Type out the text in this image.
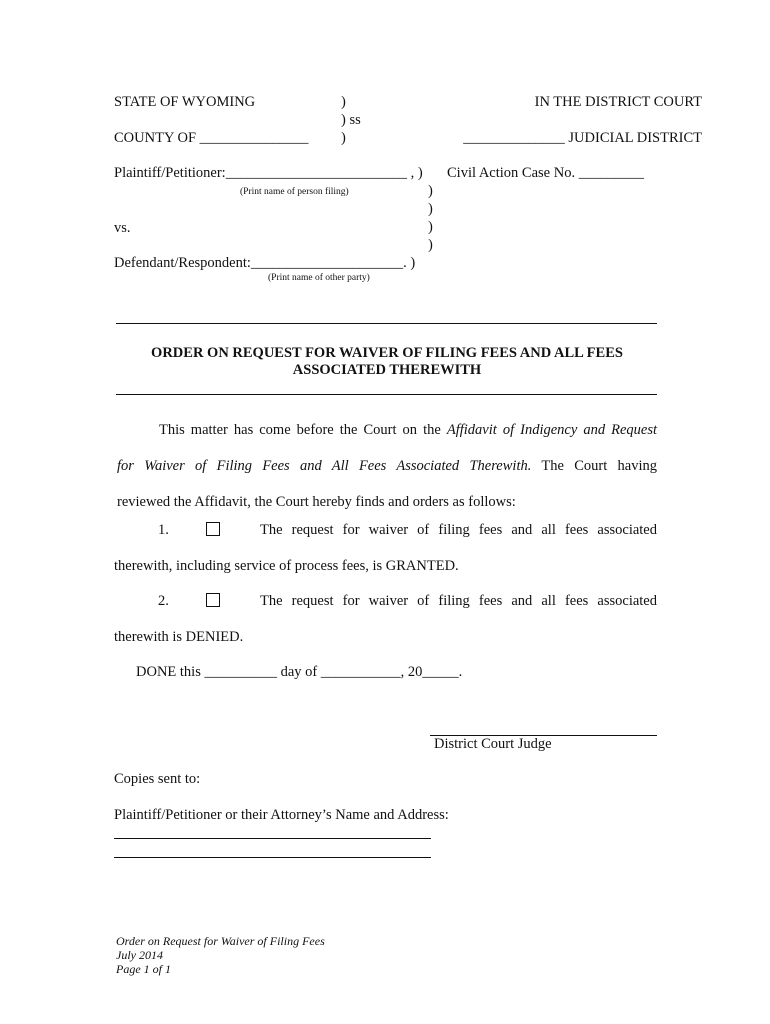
STATE OF WYOMING	)
) ss
)
IN THE DISTRICT COURT
COUNTY OF _______________	______________ JUDICIAL DISTRICT
Plaintiff/Petitioner:_________________________ , ) Civil Action Case No. _________
(Print name of person filing)	)
)
vs.	)
)
Defendant/Respondent:_____________________. )
(Print name of other party)
ORDER ON REQUEST FOR WAIVER OF FILING FEES AND ALL FEES
ASSOCIATED THEREWITH
This matter has come before the Court on the Affidavit of Indigency and Request
for Waiver of Filing Fees and All Fees Associated Therewith. The Court having
reviewed the Affidavit, the Court hereby finds and orders as follows:
1.	The request for waiver of filing fees and all fees associated
therewith, including service of process fees, is GRANTED.
2.	The request for waiver of filing fees and all fees associated
therewith is DENIED.
DONE this __________ day of ___________, 20_____.
District Court Judge
Copies sent to:
Plaintiff/Petitioner or their Attorney’s Name and Address:
Order on Request for Waiver of Filing Fees
July 2014
Page 1 of 1
